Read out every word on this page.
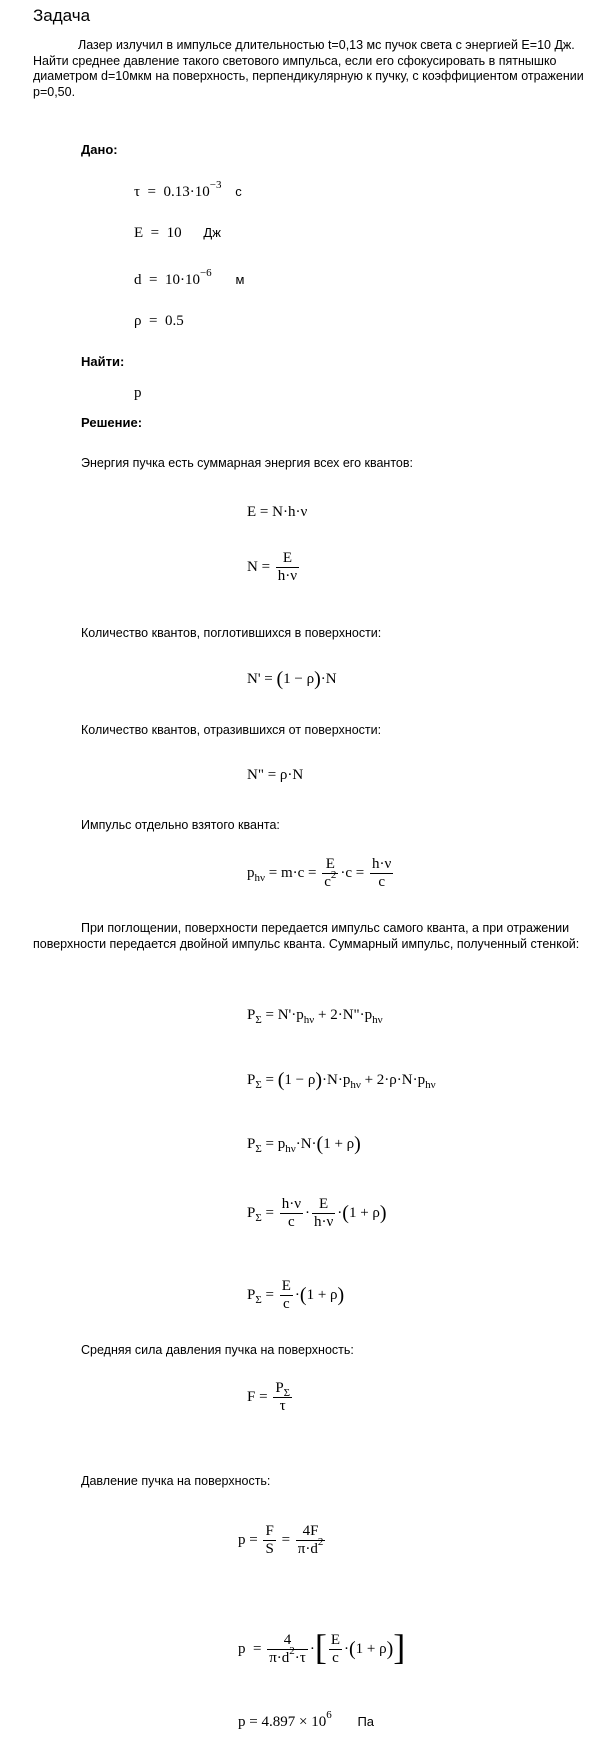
Задача
Лазер излучил в импульсе длительностью t=0,13 мс пучок света с энергией E=10 Дж. Найти среднее давление такого светового импульса, если его сфокусировать в пятнышко диаметром d=10мкм на поверхность, перпендикулярную к пучку, с коэффициентом отражении p=0,50.
Дано:
$\tau = 0.13\cdot 10^{-3}$ с
E = 10 Дж
$d = 10\cdot 10^{-6}$ м
ρ = 0.5
Найти:
p
Решение:
Энергия пучка есть суммарная энергия всех его квантов:
E = N·h·ν
$N = \frac{E}{h\cdot\nu}$
Количество квантов, поглотившихся в поверхности:
N' = (1 − ρ)·N
Количество квантов, отразившихся от поверхности:
N" = ρ·N
Импульс отдельно взятого кванта:
$p_{h\nu} = m\cdot c = \frac{E}{c^2} \cdot c = \frac{h\cdot\nu}{c}$
При поглощении, поверхности передается импульс самого кванта, а при отражении поверхности передается двойной импульс кванта. Суммарный импульс, полученный стенкой:
$P_\Sigma = N'\cdot p_{h\nu}$ + $2\cdot N"\cdot p_{h\nu}$
$P_\Sigma = (1 - \rho)\cdot N\cdot p_{h\nu} + 2\cdot\rho\cdot N\cdot p_{h\nu}$
$P_\Sigma = p_{h\nu}\cdot N\cdot(1 + \rho)$
$P_\Sigma = \frac{h\cdot\nu}{c} \cdot \frac{E}{h\cdot\nu} \cdot(1 + \rho)$
$P_\Sigma = \frac{E}{c} \cdot(1 + \rho)$
Средняя сила давления пучка на поверхность:
$F = \frac{P_\Sigma}{\tau}$
Давление пучка на поверхность:
$p = \frac{F}{S} = \frac{4F}{\pi\cdot d^2}$
$p = \frac{4}{\pi\cdot d^2\cdot\tau}$ ·[ $\frac{E}{c} \cdot(1 + \rho)$]
$p = 4.897 \times 10^6$ Па
